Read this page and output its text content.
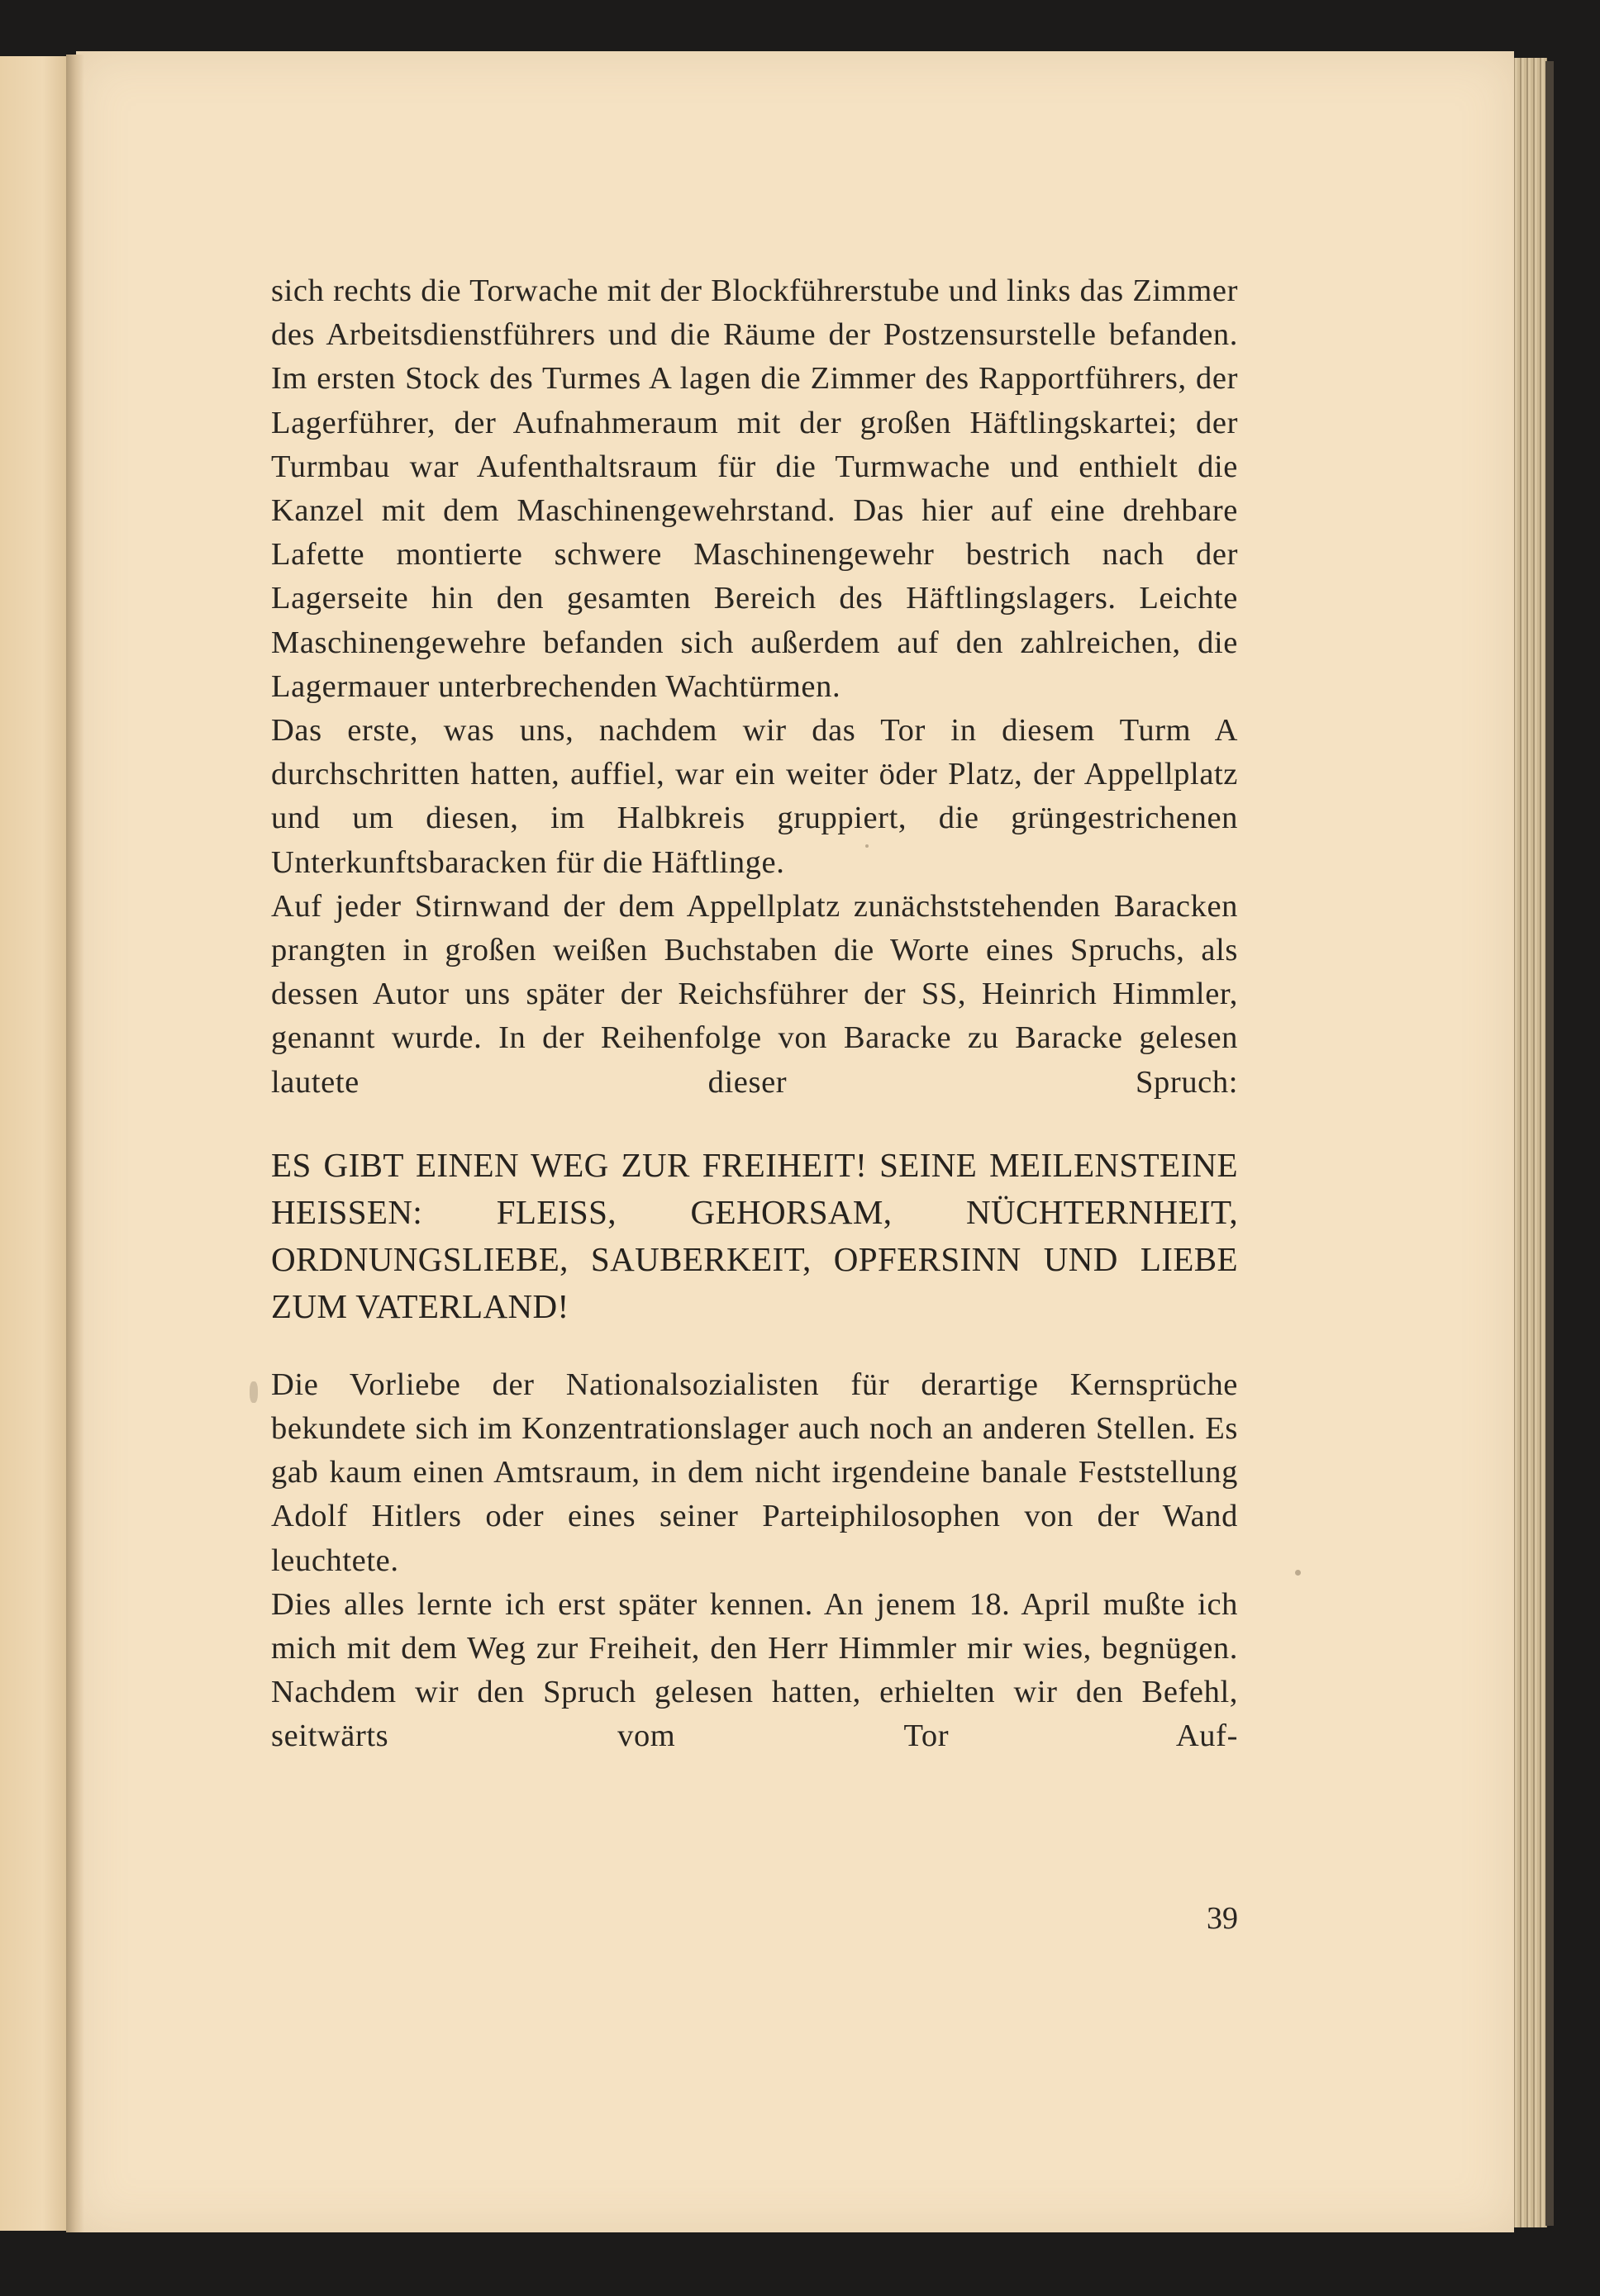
sich rechts die Torwache mit der Blockführerstube und links das Zimmer des Arbeitsdienstführers und die Räume der Postzensurstelle befanden. Im ersten Stock des Turmes A lagen die Zimmer des Rapportführers, der Lagerführer, der Aufnahmeraum mit der großen Häftlingskartei; der Turmbau war Aufenthaltsraum für die Turmwache und enthielt die Kanzel mit dem Maschinengewehrstand. Das hier auf eine drehbare Lafette montierte schwere Maschinengewehr bestrich nach der Lagerseite hin den gesamten Bereich des Häftlingslagers. Leichte Maschinengewehre befanden sich außerdem auf den zahlreichen, die Lagermauer unterbrechenden Wachtürmen.

Das erste, was uns, nachdem wir das Tor in diesem Turm A durchschritten hatten, auffiel, war ein weiter öder Platz, der Appellplatz und um diesen, im Halbkreis gruppiert, die grüngestrichenen Unterkunftsbaracken für die Häftlinge.

Auf jeder Stirnwand der dem Appellplatz zunächststehenden Baracken prangten in großen weißen Buchstaben die Worte eines Spruchs, als dessen Autor uns später der Reichsführer der SS, Heinrich Himmler, genannt wurde. In der Reihenfolge von Baracke zu Baracke gelesen lautete dieser Spruch:

ES GIBT EINEN WEG ZUR FREIHEIT! SEINE MEILENSTEINE HEISSEN: FLEISS, GEHORSAM, NÜCHTERNHEIT, ORDNUNGSLIEBE, SAUBERKEIT, OPFERSINN UND LIEBE ZUM VATERLAND!

Die Vorliebe der Nationalsozialisten für derartige Kernsprüche bekundete sich im Konzentrationslager auch noch an anderen Stellen. Es gab kaum einen Amtsraum, in dem nicht irgendeine banale Feststellung Adolf Hitlers oder eines seiner Parteiphilosophen von der Wand leuchtete.

Dies alles lernte ich erst später kennen. An jenem 18. April mußte ich mich mit dem Weg zur Freiheit, den Herr Himmler mir wies, begnügen. Nachdem wir den Spruch gelesen hatten, erhielten wir den Befehl, seitwärts vom Tor Auf-

39
